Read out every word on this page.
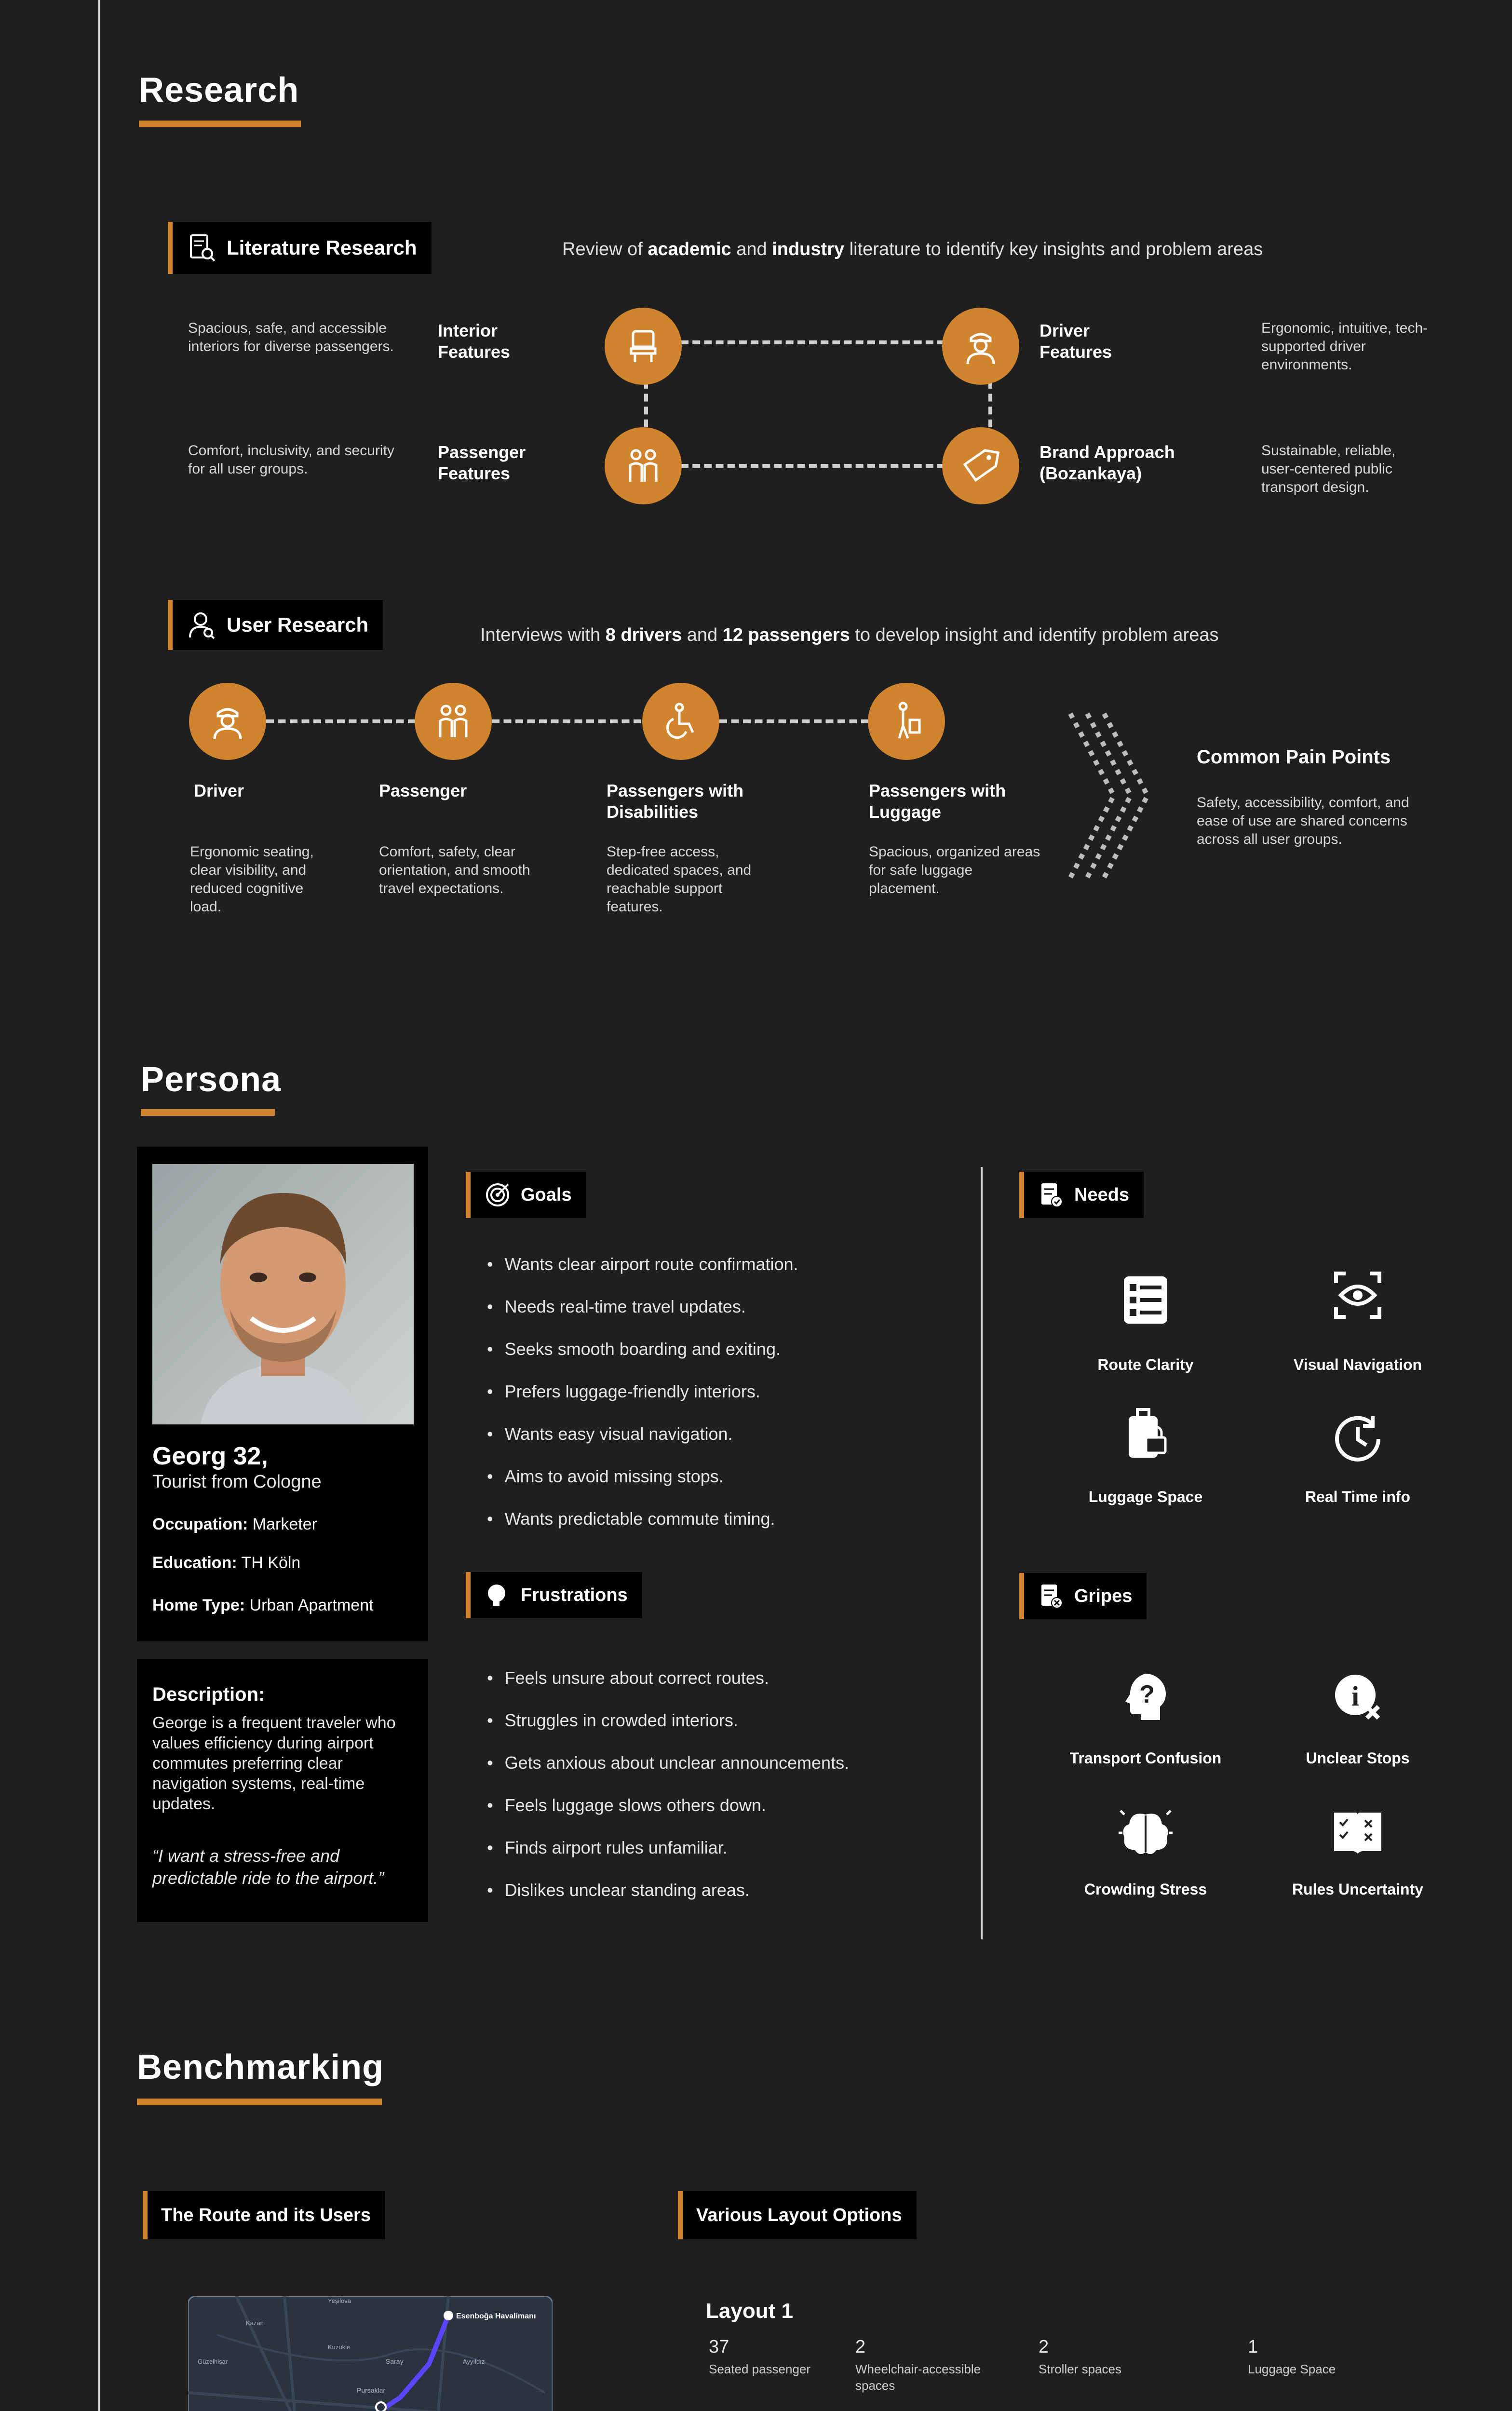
Research
Literature Research	Review of academic and industry literature to identify key insights and problem areas
Spacious, safe, and accessible interiors for diverse passengers.
Interior Features
Driver Features
Ergonomic, intuitive, tech-supported driver environments.
Comfort, inclusivity, and security for all user groups.
Passenger Features
Brand Approach (Bozankaya)
Sustainable, reliable, user-centered public transport design.
User Research	Interviews with 8 drivers and 12 passengers to develop insight and identify problem areas
Driver	Passenger	Passengers with Disabilities
Passengers with Luggage
Ergonomic seating, clear visibility, and reduced cognitive load.
Comfort, safety, clear orientation, and smooth travel expectations.
Step-free access, dedicated spaces, and reachable support features.
Spacious, organized areas for safe luggage placement.
Common Pain Points
Safety, accessibility, comfort, and ease of use are shared concerns across all user groups.
Persona
Georg 32,
Tourist from Cologne
Occupation: Marketer
Education: TH Köln
Home Type: Urban Apartment
Description:
George is a frequent traveler who values efficiency during airport commutes preferring clear navigation systems, real-time updates.
“I want a stress-free and predictable ride to the airport.”
Goals
• Wants clear airport route confirmation.
• Needs real-time travel updates.
• Seeks smooth boarding and exiting.
• Prefers luggage-friendly interiors.
• Wants easy visual navigation.
• Aims to avoid missing stops.
• Wants predictable commute timing.
Frustrations
• Feels unsure about correct routes.
• Struggles in crowded interiors.
• Gets anxious about unclear announcements.
• Feels luggage slows others down.
• Finds airport rules unfamiliar.
• Dislikes unclear standing areas.
Needs
Route Clarity	Visual Navigation
Luggage Space	Real Time info
Gripes
?
Transport Confusion
i
Unclear Stops
Crowding Stress	Rules Uncertainty
Benchmarking
The Route and its Users	Various Layout Options
Yeşilova
Esenboğa Havalimanı
Saray
Kuzukle
Güzelhisar
Pursaklar
Ayyıldız
Kazan
Layout 1
37
Seated passenger
2
Wheelchair-accessible spaces
2
Stroller spaces
1
Luggage Space
